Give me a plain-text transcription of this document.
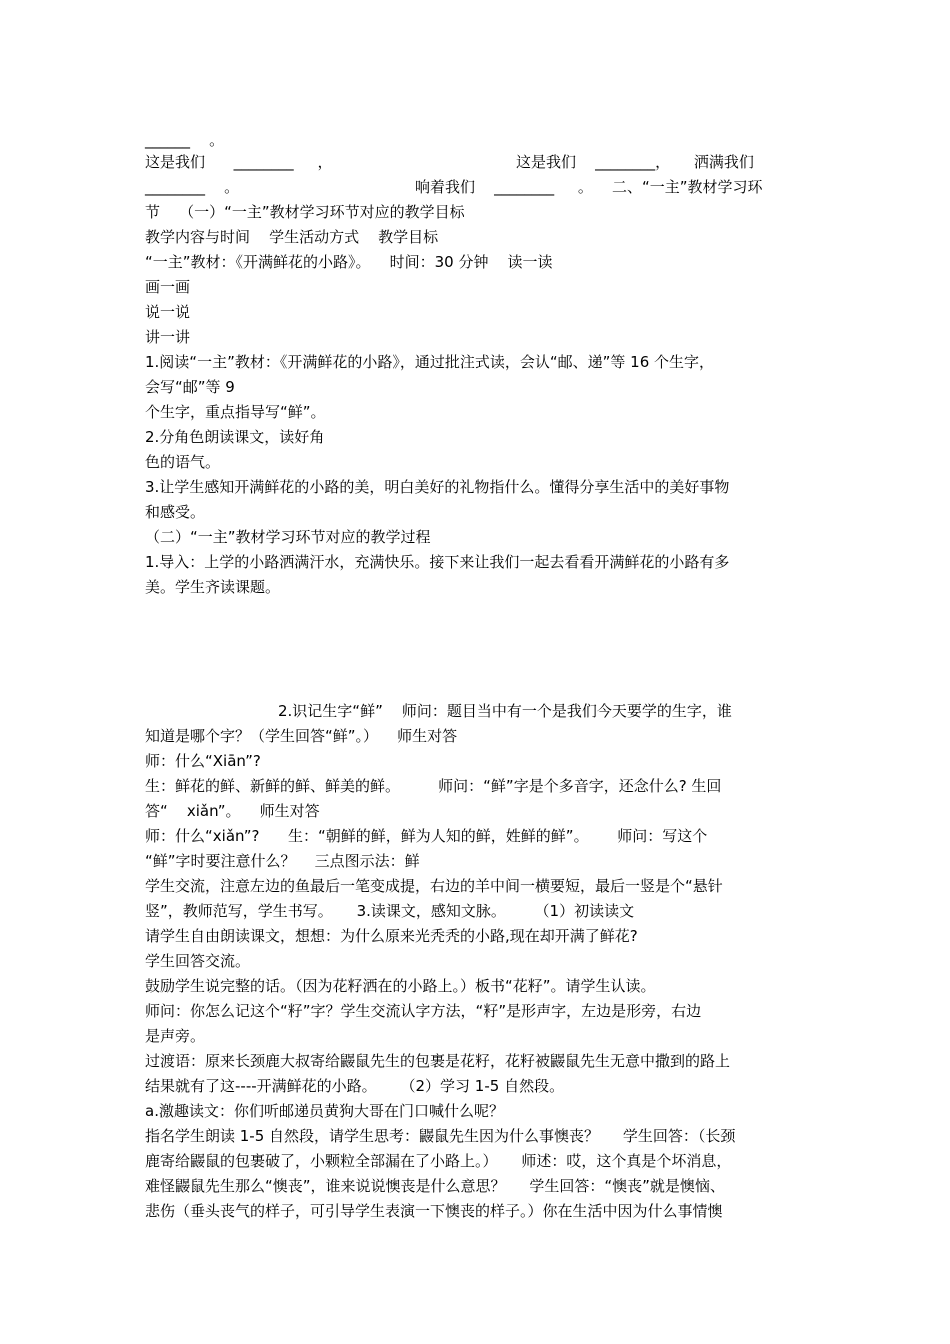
______    。
这是我们      ________     ，	这是我们    ________，     洒满我们
________    。	响着我们    ________     。    二、“一主”教材学习环
节    （一）“一主”教材学习环节对应的教学目标
教学内容与时间    学生活动方式    教学目标
“一主”教材：《开满鲜花的小路》。    时间：30 分钟    读一读
画一画
说一说
讲一讲
1.阅读“一主”教材：《开满鲜花的小路》，通过批注式读，会认“邮、递”等 16 个生字，
会写“邮”等 9
个生字，重点指导写“鲜”。
2.分角色朗读课文，读好角
色的语气。
3.让学生感知开满鲜花的小路的美，明白美好的礼物指什么。懂得分享生活中的美好事物
和感受。
（二）“一主”教材学习环节对应的教学过程
1.导入：上学的小路洒满汗水，充满快乐。接下来让我们一起去看看开满鲜花的小路有多
美。学生齐读课题。
2.识记生字“鲜”    师问：题目当中有一个是我们今天要学的生字，谁
知道是哪个字？（学生回答“鲜”。）    师生对答
师：什么“Xiān”?
生：鲜花的鲜、新鲜的鲜、鲜美的鲜。        师问：“鲜”字是个多音字，还念什么? 生回
答“    xiǎn”。    师生对答
师：什么“xiǎn”?      生：“朝鲜的鲜，鲜为人知的鲜，姓鲜的鲜”。      师问：写这个
“鲜”字时要注意什么？    三点图示法：鲜
学生交流，注意左边的鱼最后一笔变成提，右边的羊中间一横要短，最后一竖是个“悬针
竖”，教师范写，学生书写。     3.读课文，感知文脉。      （1）初读读文
请学生自由朗读课文，想想：为什么原来光秃秃的小路,现在却开满了鲜花?
学生回答交流。
鼓励学生说完整的话。（因为花籽洒在的小路上。）板书“花籽”。请学生认读。
师问：你怎么记这个“籽”字？学生交流认字方法，“籽”是形声字，左边是形旁，右边
是声旁。
过渡语：原来长颈鹿大叔寄给鼹鼠先生的包裹是花籽，花籽被鼹鼠先生无意中撒到的路上
结果就有了这----开满鲜花的小路。     （2）学习 1-5 自然段。
a.激趣读文：你们听邮递员黄狗大哥在门口喊什么呢？
指名学生朗读 1-5 自然段，请学生思考：鼹鼠先生因为什么事懊丧？     学生回答：（长颈
鹿寄给鼹鼠的包裹破了，小颗粒全部漏在了小路上。）     师述：哎，这个真是个坏消息，
难怪鼹鼠先生那么“懊丧”，谁来说说懊丧是什么意思？     学生回答：“懊丧”就是懊恼、
悲伤（垂头丧气的样子，可引导学生表演一下懊丧的样子。）你在生活中因为什么事情懊
